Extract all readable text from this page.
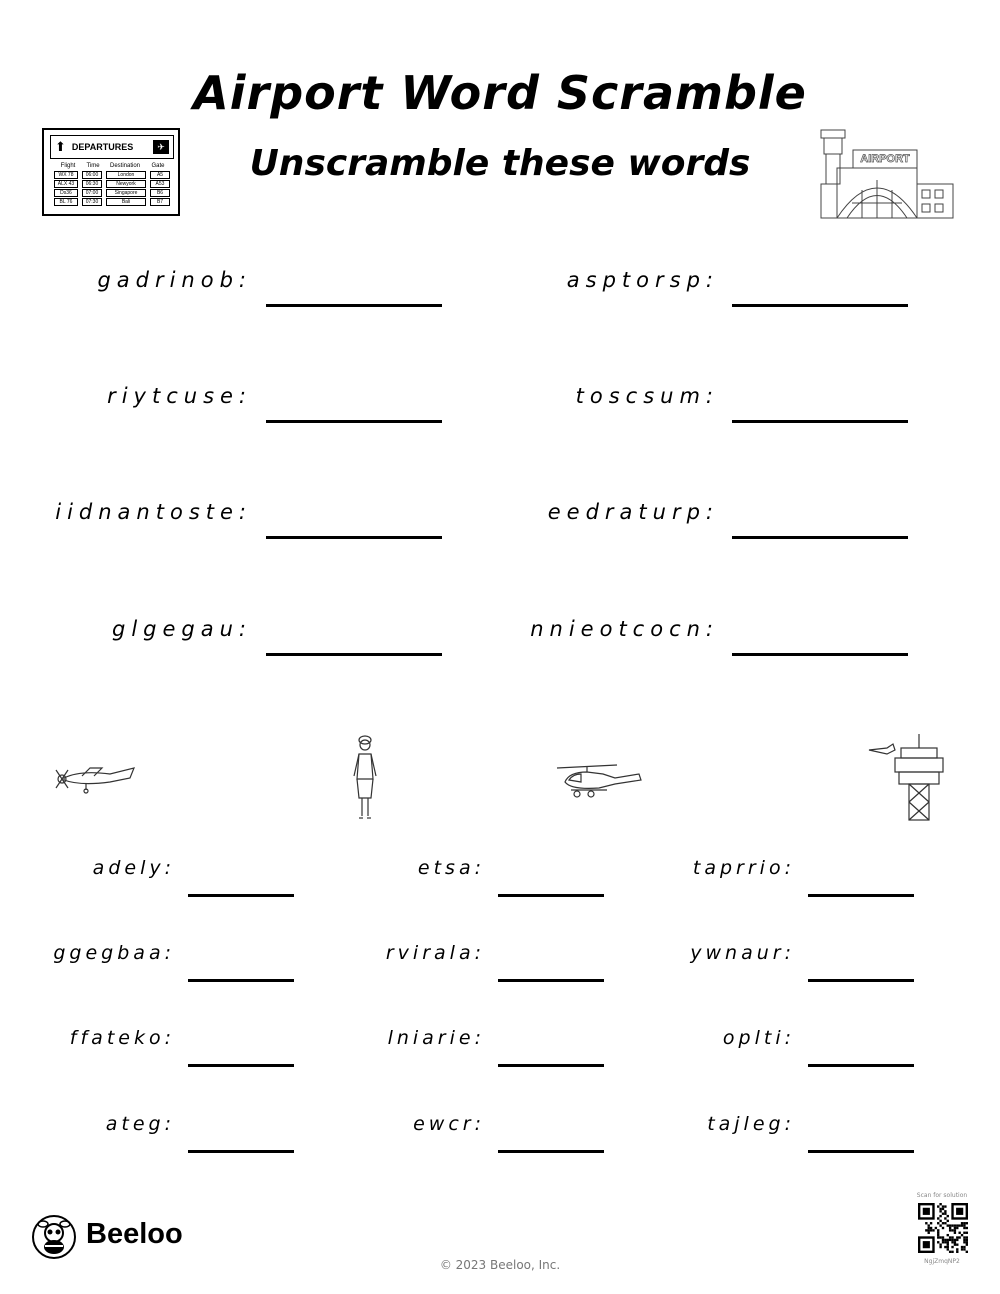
Airport Word Scramble
Unscramble these words
⬆ DEPARTURES	✈
Flight	Time	Destination	Gate
WX 78	06:00	London	A5
ALX 43	06:30	Newyork	A53
Ds36	07:00	Singapore	B6
BL 76	07:30	Bali	B7
AIRPORT
gadrinob:
riytcuse:
iidnantoste:
glgegau:
asptorsp:
toscsum:
eedraturp:
nnieotcocn:
adely:
ggegbaa:
ffateko:
ateg:
etsa:
rvirala:
lniarie:
ewcr:
taprrio:
ywnaur:
oplti:
tajleg:
Beeloo
© 2023 Beeloo, Inc.
Scan for solution
NgjZmqNP2
